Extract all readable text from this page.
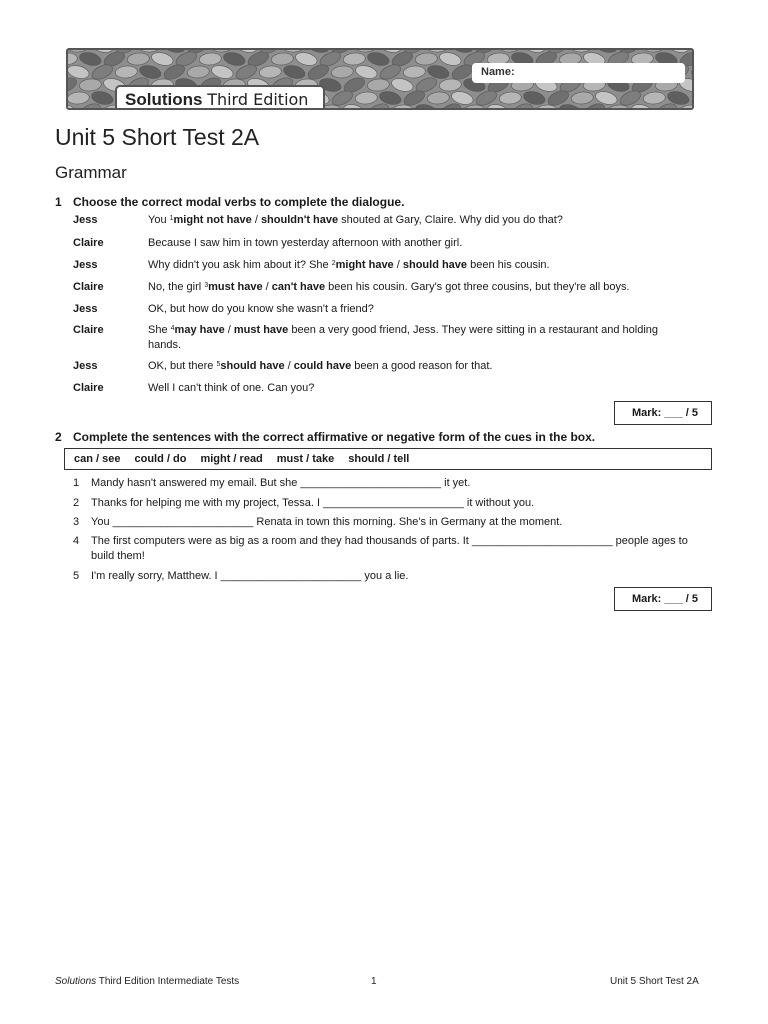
Name:
Solutions Third Edition
Unit 5 Short Test 2A
Grammar
1 Choose the correct modal verbs to complete the dialogue.
Jess	You $^1$might not have / shouldn't have shouted at Gary, Claire. Why did you do that?
Claire	Because I saw him in town yesterday afternoon with another girl.
Jess	Why didn't you ask him about it? She $^2$might have / should have been his cousin.
Claire	No, the girl $^3$must have / can't have been his cousin. Gary's got three cousins, but they're all boys.
Jess	OK, but how do you know she wasn't a friend?
Claire	She $^4$may have / must have been a very good friend, Jess. They were sitting in a restaurant and holding hands.
Jess	OK, but there $^5$should have / could have been a good reason for that.
Claire	Well I can't think of one. Can you?
Mark: ___ / 5
2 Complete the sentences with the correct affirmative or negative form of the cues in the box.
can / see could / do might / read must / take should / tell
1 Mandy hasn't answered my email. But she _______________________ it yet.
2 Thanks for helping me with my project, Tessa. I _______________________ it without you.
3 You _______________________ Renata in town this morning. She's in Germany at the moment.
4 The first computers were as big as a room and they had thousands of parts. It _______________________ people ages to build them!
5 I'm really sorry, Matthew. I _______________________ you a lie.
Mark: ___ / 5
Solutions Third Edition Intermediate Tests	1	Unit 5 Short Test 2A
